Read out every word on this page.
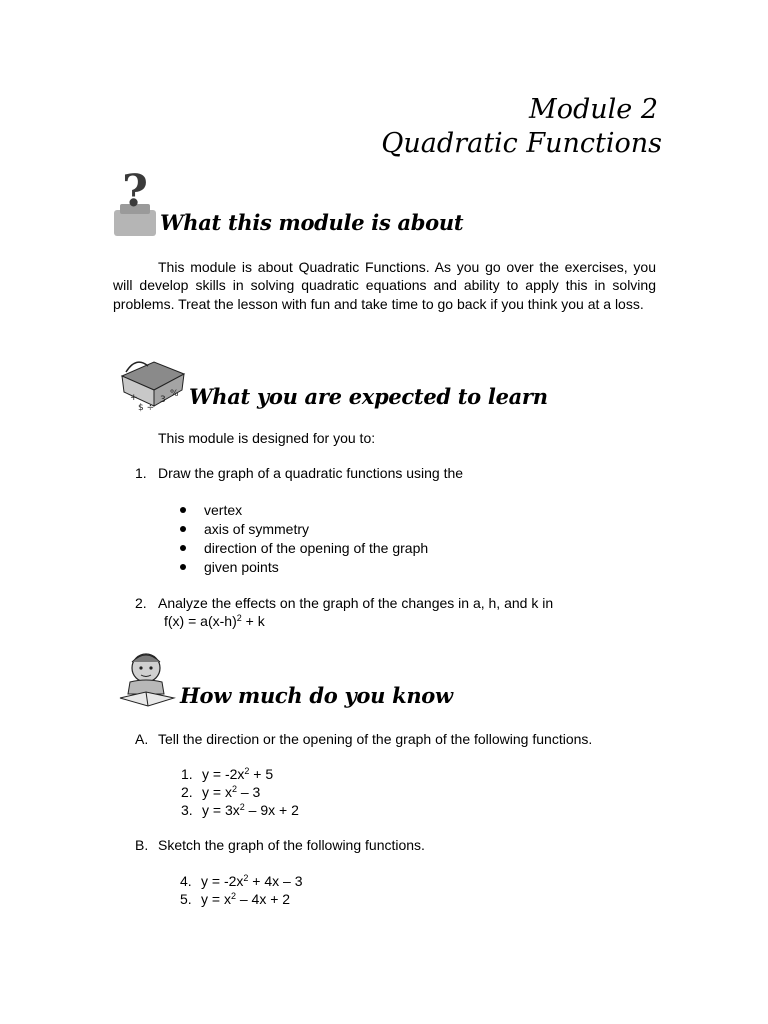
Module 2
Quadratic Functions
?
What this module is about
This module is about Quadratic Functions. As you go over the exercises, you will develop skills in solving quadratic equations and ability to apply this in solving problems. Treat the lesson with fun and take time to go back if you think you at a loss.
+
$ ÷
3
% What you are expected to learn
This module is designed for you to:
1. Draw the graph of a quadratic functions using the
vertex
axis of symmetry
direction of the opening of the graph
given points
2. Analyze the effects on the graph of the changes in a, h, and k in
$f(x) = a(x-h)^2 + k$
How much do you know
A. Tell the direction or the opening of the graph of the following functions.
1. $y = -2x^2 + 5$
2. $y = x^2 - 3$
3. $y = 3x^2 - 9x + 2$
B. Sketch the graph of the following functions.
4. $y = -2x^2 + 4x - 3$
5. $y = x^2 - 4x + 2$
